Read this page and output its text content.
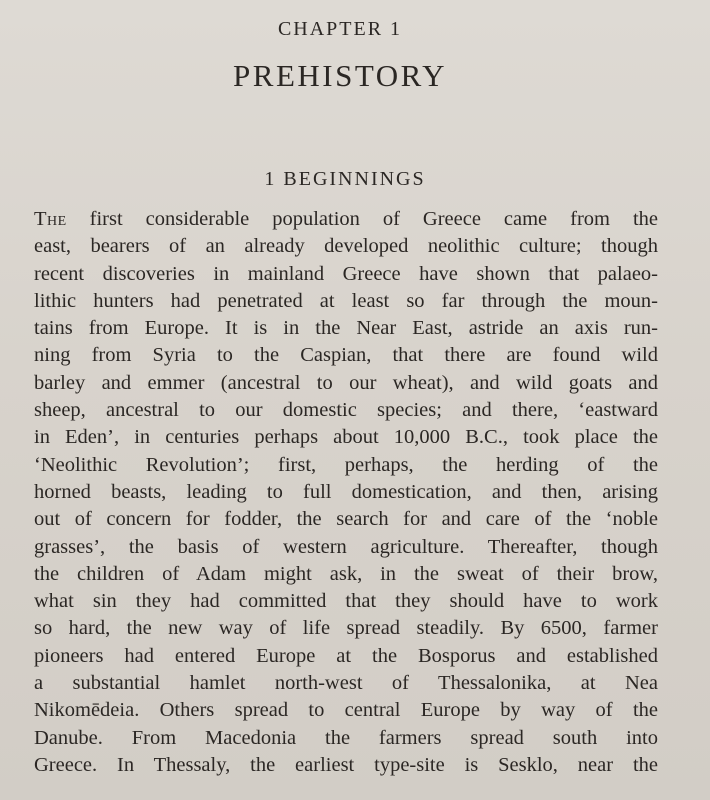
CHAPTER 1
PREHISTORY
1 BEGINNINGS
The first considerable population of Greece came from the
east, bearers of an already developed neolithic culture; though
recent discoveries in mainland Greece have shown that palaeo-
lithic hunters had penetrated at least so far through the moun-
tains from Europe. It is in the Near East, astride an axis run-
ning from Syria to the Caspian, that there are found wild
barley and emmer (ancestral to our wheat), and wild goats and
sheep, ancestral to our domestic species; and there, ‘eastward
in Eden’, in centuries perhaps about 10,000 B.C., took place the
‘Neolithic Revolution’; first, perhaps, the herding of the
horned beasts, leading to full domestication, and then, arising
out of concern for fodder, the search for and care of the ‘noble
grasses’, the basis of western agriculture. Thereafter, though
the children of Adam might ask, in the sweat of their brow,
what sin they had committed that they should have to work
so hard, the new way of life spread steadily. By 6500, farmer
pioneers had entered Europe at the Bosporus and established
a substantial hamlet north-west of Thessalonika, at Nea
Nikomēdeia. Others spread to central Europe by way of the
Danube. From Macedonia the farmers spread south into
Greece. In Thessaly, the earliest type-site is Sesklo, near the
